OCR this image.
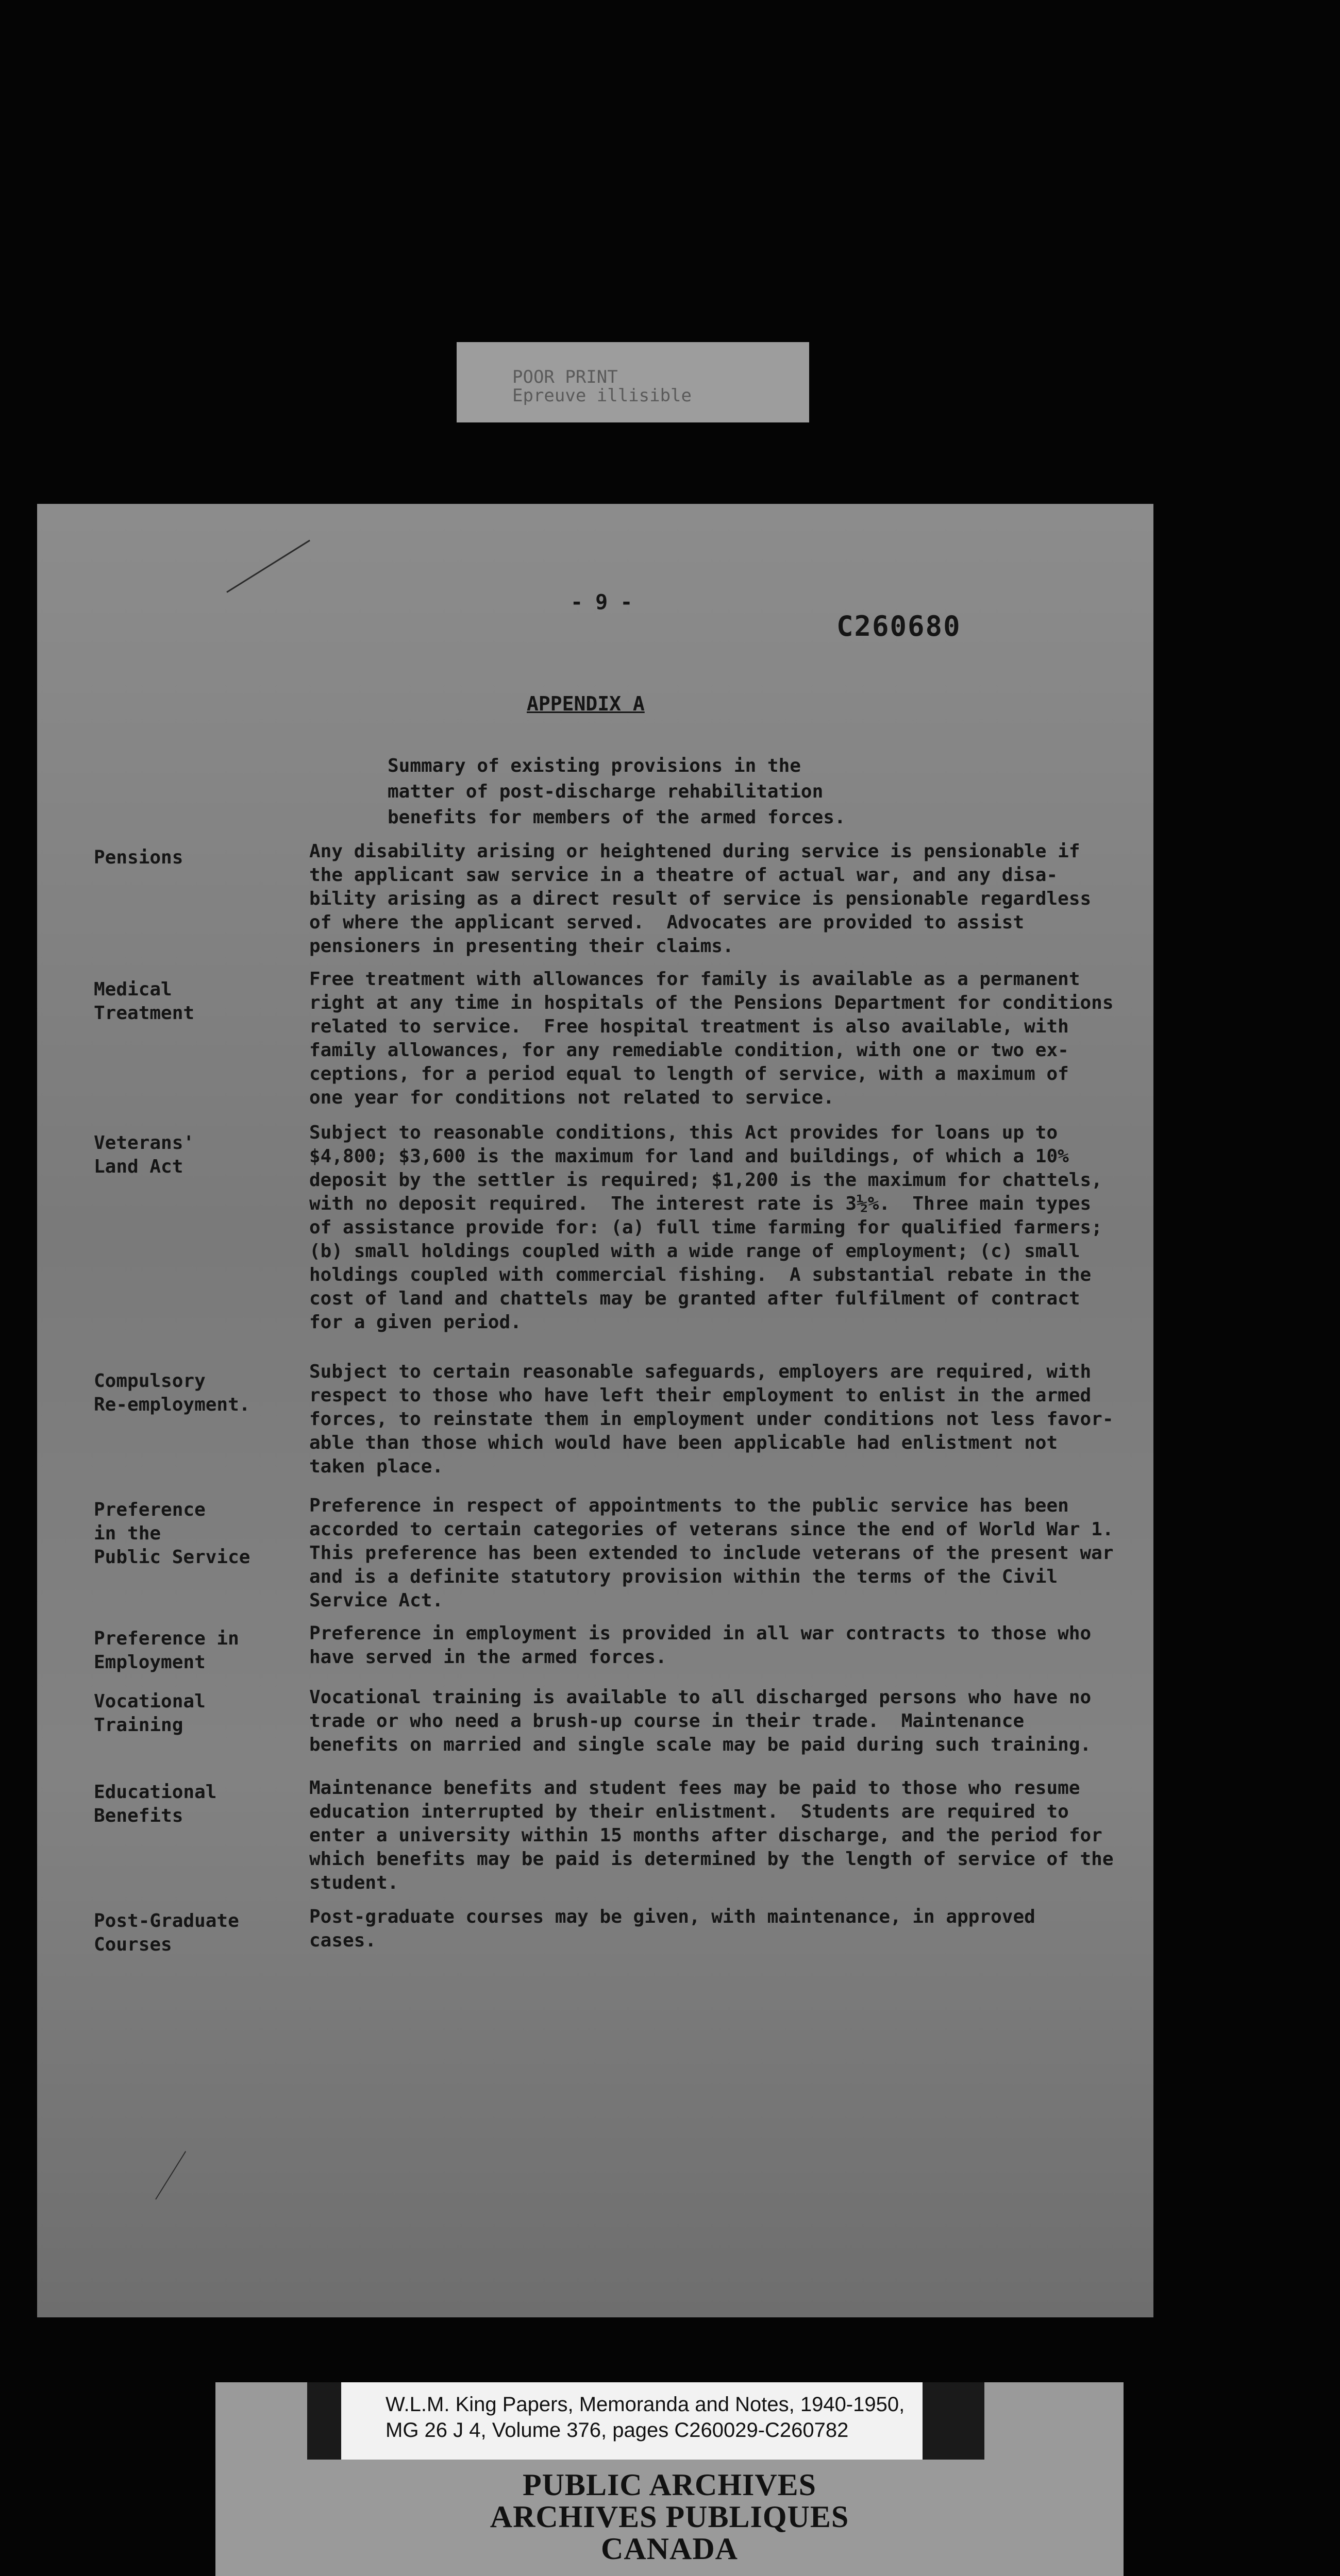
POOR PRINT
Epreuve illisible
- 9 -
C260680
APPENDIX A
Summary of existing provisions in the
matter of post-discharge rehabilitation
benefits for members of the armed forces.
Pensions	Any disability arising or heightened during service is pensionable if
the applicant saw service in a theatre of actual war, and any disa-
bility arising as a direct result of service is pensionable regardless
of where the applicant served.  Advocates are provided to assist
pensioners in presenting their claims.
Medical
Treatment
Free treatment with allowances for family is available as a permanent
right at any time in hospitals of the Pensions Department for conditions
related to service.  Free hospital treatment is also available, with
family allowances, for any remediable condition, with one or two ex-
ceptions, for a period equal to length of service, with a maximum of
one year for conditions not related to service.
Veterans'
Land Act
Subject to reasonable conditions, this Act provides for loans up to
$4,800; $3,600 is the maximum for land and buildings, of which a 10%
deposit by the settler is required; $1,200 is the maximum for chattels,
with no deposit required.  The interest rate is 3½%.  Three main types
of assistance provide for: (a) full time farming for qualified farmers;
(b) small holdings coupled with a wide range of employment; (c) small
holdings coupled with commercial fishing.  A substantial rebate in the
cost of land and chattels may be granted after fulfilment of contract
for a given period.
Compulsory
Re-employment.
Subject to certain reasonable safeguards, employers are required, with
respect to those who have left their employment to enlist in the armed
forces, to reinstate them in employment under conditions not less favor-
able than those which would have been applicable had enlistment not
taken place.
Preference
in the
Public Service
Preference in respect of appointments to the public service has been
accorded to certain categories of veterans since the end of World War 1.
This preference has been extended to include veterans of the present war
and is a definite statutory provision within the terms of the Civil
Service Act.
Preference in
Employment
Preference in employment is provided in all war contracts to those who
have served in the armed forces.
Vocational
Training
Vocational training is available to all discharged persons who have no
trade or who need a brush-up course in their trade.  Maintenance
benefits on married and single scale may be paid during such training.
Educational
Benefits
Maintenance benefits and student fees may be paid to those who resume
education interrupted by their enlistment.  Students are required to
enter a university within 15 months after discharge, and the period for
which benefits may be paid is determined by the length of service of the
student.
Post-Graduate
Courses
Post-graduate courses may be given, with maintenance, in approved
cases.
W.L.M. King Papers, Memoranda and Notes, 1940-1950,
MG 26 J 4, Volume 376, pages C260029-C260782
PUBLIC ARCHIVES
ARCHIVES PUBLIQUES
CANADA
